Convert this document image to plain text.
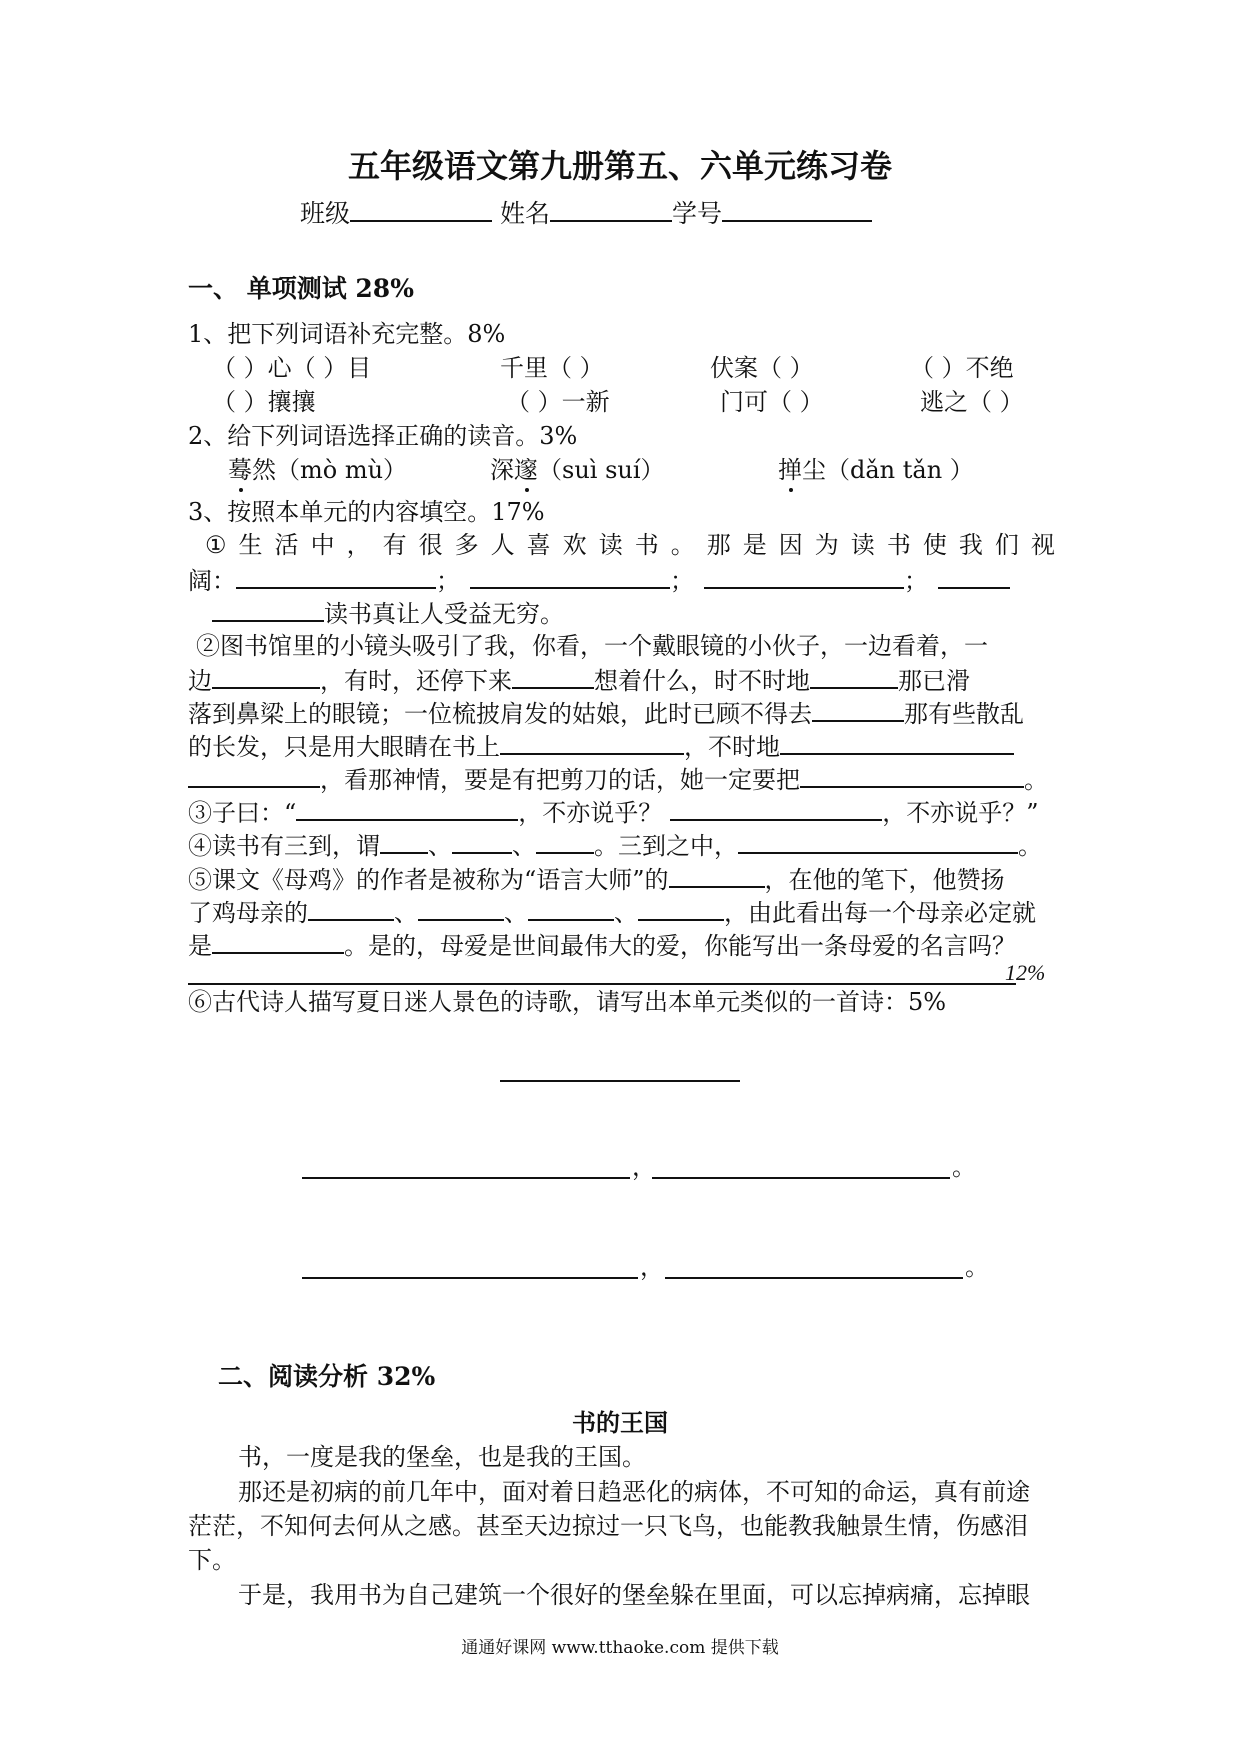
五年级语文第九册第五、六单元练习卷
班级	姓名	学号
一、 单项测试 28%
1、把下列词语补充完整。8%
（ ）心（ ）目	千里（ ）	伏案（ ）	（ ）不绝
（ ）攘攘	（ ）一新	门可（ ）	逃之（ ）
2、给下列词语选择正确的读音。3%
蓦然（mò mù）	深邃（suì suí）	掸尘（dǎn tǎn ）
3、按照本单元的内容填空。17%
① 生 活 中 ， 有 很 多 人 喜 欢 读 书 。 那 是 因 为 读 书 使 我 们 视
阔：	；	；	；
读书真让人受益无穷。
②图书馆里的小镜头吸引了我，你看，一个戴眼镜的小伙子，一边看着，一
边	，有时，还停下来	想着什么，时不时地	那已滑
落到鼻梁上的眼镜；一位梳披肩发的姑娘，此时已顾不得去	那有些散乱
的长发，只是用大眼睛在书上	，不时地
，看那神情，要是有把剪刀的话，她一定要把	。
③子曰：“	，不亦说乎？	，不亦说乎？”
④读书有三到，谓 、	、 。三到之中，	。
⑤课文《母鸡》的作者是被称为“语言大师”的	，在他的笔下，他赞扬
了鸡母亲的	、	、	、	，由此看出每一个母亲必定就
是	。是的，母爱是世间最伟大的爱，你能写出一条母爱的名言吗？
12%
⑥古代诗人描写夏日迷人景色的诗歌，请写出本单元类似的一首诗：5%
，	。
，	。
二、阅读分析 32%
书的王国
书，一度是我的堡垒，也是我的王国。
那还是初病的前几年中，面对着日趋恶化的病体，不可知的命运，真有前途
茫茫，不知何去何从之感。甚至天边掠过一只飞鸟，也能教我触景生情，伤感泪
下。
于是，我用书为自己建筑一个很好的堡垒躲在里面，可以忘掉病痛，忘掉眼
通通好课网 www.tthaoke.com 提供下载
